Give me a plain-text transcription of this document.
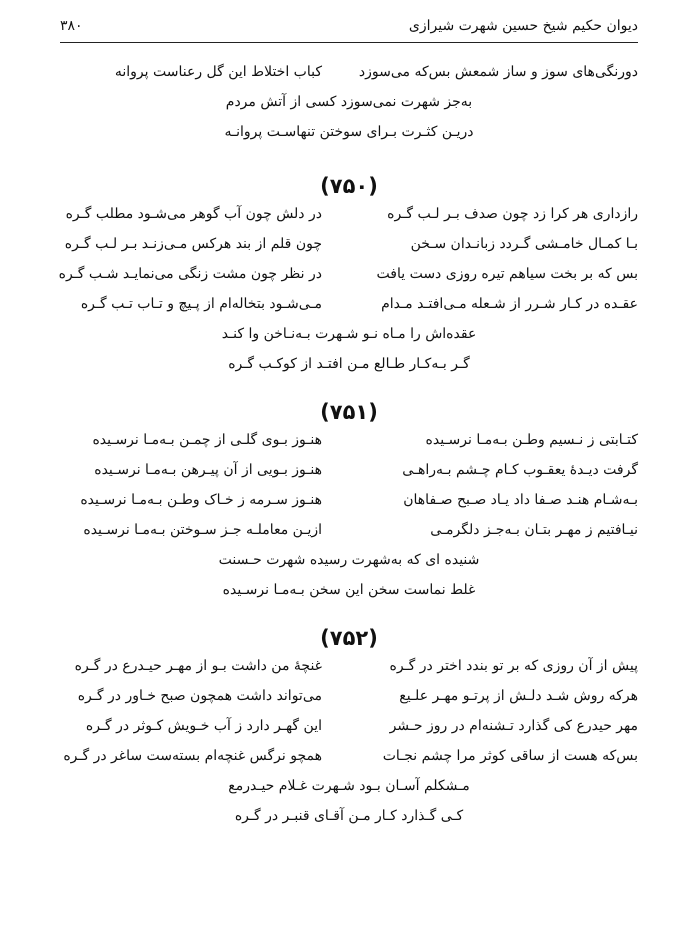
دیوان حکیم شیخ حسین شهرت شیرازی
۳۸۰
دورنگی‌های سوز و ساز شمعش بس‌که می‌سوزد
کباب اختلاط این گل رعناست پروانه
به‌جز شهرت نمی‌سوزد کسی از آتش مردم
دریـن کثـرت بـرای سوختن تنهاسـت پروانـه
(۷۵۰)
رازداری هر کرا زد چون صدف بـر لـب گـره
در دلش چون آب گوهر می‌شـود مطلب گـره
بـا کمـال خامـشی گـردد زبانـدان سـخن
چون قلم از بند هرکس مـی‌زنـد بـر لـب گـره
بس که بر بخت سیاهم تیره روزی دست یافت
در نظر چون مشت زنگی می‌نمایـد شـب گـره
عقـده در کـار شـرر از شـعله مـی‌افتـد مـدام
مـی‌شـود بتخاله‌ام از پـیچ و تـاب تـب گـره
عقده‌اش را مـاه نـو شـهرت بـه‌نـاخن وا کنـد
گـر بـه‌کـار طـالع مـن افتـد از کوکـب گـره
(۷۵۱)
کتـابتی ز نـسیم وطـن بـه‌مـا نرسـیده
هنـوز بـوی گلـی از چمـن بـه‌مـا نرسـیده
گرفت دیـدۀ یعقـوب کـام چـشم بـه‌راهـی
هنـوز بـویی از آن پیـرهن بـه‌مـا نرسـیده
بـه‌شـام هنـد صـفا داد یـاد صـبح صـفاهان
هنـوز سـرمه ز خـاک وطـن بـه‌مـا نرسـیده
نیـافتیم ز مهـر بتـان بـه‌جـز دلگرمـی
ازیـن معاملـه جـز سـوختن بـه‌مـا نرسـیده
شنیده ای که به‌شهرت رسیده شهرت حـسنت
غلط نماست سخن این سخن بـه‌مـا نرسـیده
(۷۵۲)
پیش از آن روزی که بر تو بندد اختر در گـره
غنچۀ من داشت بـو از مهـر حیـدرع در گـره
هرکه روش شـد دلـش از پرتـو مهـر علـیع
می‌تواند داشت همچون صبح خـاور در گـره
مهر حیدرع کی گذارد تـشنه‌ام در روز حـشر
این گهـر دارد ز آب خـویش کـوثر در گـره
بس‌که هست از ساقی کوثر مرا چشم نجـات
همچو نرگس غنچه‌ام بسته‌ست ساغر در گـره
مـشکلم آسـان بـود شـهرت غـلام حیـدرمع
کـی گـذارد کـار مـن آقـای قنبـر در گـره
